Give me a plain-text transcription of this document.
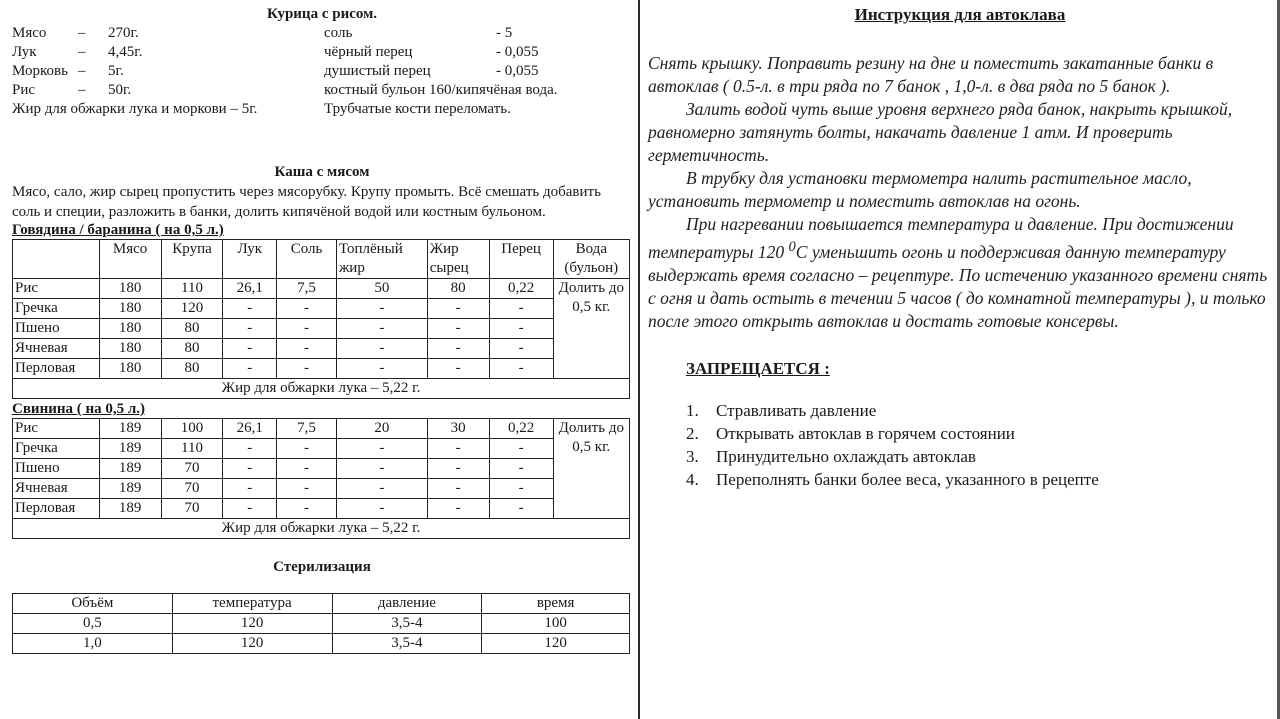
Курица с рисом.

Мясо	–	270г.
Лук	–	4,45г.
Морковь –	5г.
Рис	–	50г.
Жир для обжарки лука и моркови – 5г.
соль	- 5
чёрный перец	- 0,055
душистый перец	- 0,055
костный бульон 160/кипячёная вода.
Трубчатые кости переломать.

Каша с мясом

Мясо, сало, жир сырец пропустить через мясорубку. Крупу промыть. Всё смешать добавить соль и специи, разложить в банки, долить кипячёной водой или костным бульоном.

Говядина / баранина ( на 0,5 л.)

	Мясо	Крупа	Лук	Соль	Топлёный жир	Жир сырец	Перец	Вода (бульон)
Рис	180	110	26,1	7,5	50	80	0,22	Долить до 0,5 кг.
Гречка	180	120	-	-	-	-	-	
Пшено	180	80	-	-	-	-	-	
Ячневая	180	80	-	-	-	-	-	
Перловая	180	80	-	-	-	-	-	
Жир для обжарки лука – 5,22 г.								

Свинина ( на 0,5 л.)

Рис	189	100	26,1	7,5	20	30	0,22	Долить до 0,5 кг.
Гречка	189	110	-	-	-	-	-	
Пшено	189	70	-	-	-	-	-	
Ячневая	189	70	-	-	-	-	-	
Перловая	189	70	-	-	-	-	-	
Жир для обжарки лука – 5,22 г.								

Стерилизация

Объём	температура	давление	время
0,5	120	3,5-4	100
1,0	120	3,5-4	120

Инструкция для автоклава

Снять крышку. Поправить резину на дне и поместить закатанные банки в автоклав ( 0.5-л. в три ряда по 7 банок , 1,0-л. в два ряда по 5 банок ).

Залить водой чуть выше уровня верхнего ряда банок, накрыть крышкой, равномерно затянуть болты, накачать давление 1 атм. И проверить герметичность.

В трубку для установки термометра налить растительное масло, установить термометр и поместить автоклав на огонь.

При нагревании повышается температура и давление. При достижении температуры 120 $^0$С уменьшить огонь и поддерживая данную температуру выдержать время согласно – рецептуре. По истечению указанного времени снять с огня и дать остыть в течении 5 часов ( до комнатной температуры ), и только после этого открыть автоклав и достать готовые консервы.

ЗАПРЕЩАЕТСЯ :

1. Стравливать давление
2. Открывать автоклав в горячем состоянии
3. Принудительно охлаждать автоклав
4. Переполнять банки более веса, указанного в рецепте
